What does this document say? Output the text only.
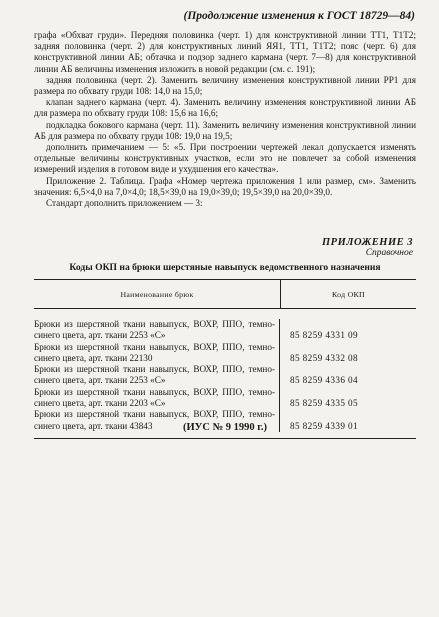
(Продолжение изменения к ГОСТ 18729—84)

графа «Обхват груди». Передняя половинка (черт. 1) для конструктивной линии ТТ1, Т1Т2; задняя половинка (черт. 2) для конструктивных линий ЯЯ1, ТТ1, Т1Т2; пояс (черт. 6) для конструктивной линии АБ; обтачка и подзор заднего кармана (черт. 7—8) для конструктивной линии АБ величины изменения изложить в новой редакции (см. с. 191);

задняя половинка (черт. 2). Заменить величину изменения конструктивной линии РР1 для размера по обхвату груди 108: 14,0 на 15,0;

клапан заднего кармана (черт. 4). Заменить величину изменения конструктивной линии АБ для размера по обхвату груди 108: 15,6 на 16,6;

подкладка бокового кармана (черт. 11). Заменить величину изменения конструктивной линии АБ для размера по обхвату груди 108: 19,0 на 19,5;

дополнить примечанием — 5: «5. При построении чертежей лекал допускается изменять отдельные величины конструктивных участков, если это не повлечет за собой изменения измерений изделия в готовом виде и ухудшения его качества».

Приложение 2. Таблица. Графа «Номер чертежа приложения 1 или размер, см». Заменить значения: 6,5×4,0 на 7,0×4,0; 18,5×39,0 на 19,0×39,0; 19,5×39,0 на 20,0×39,0.

Стандарт дополнить приложением — 3:

ПРИЛОЖЕНИЕ 3
Справочное
Коды ОКП на брюки шерстяные навыпуск ведомственного назначения
Наименование брюк	Код ОКП
Брюки из шерстяной ткани навыпуск, ВОХР, ППО, темно-синего цвета, арт. ткани 2253 «С»
Брюки из шерстяной ткани навыпуск, ВОХР, ППО, темно-синего цвета, арт. ткани 22130
Брюки из шерстяной ткани навыпуск, ВОХР, ППО, темно-синего цвета, арт. ткани 2253 «С»
Брюки из шерстяной ткани навыпуск, ВОХР, ППО, темно-синего цвета, арт. ткани 2203 «С»
Брюки из шерстяной ткани навыпуск, ВОХР, ППО, темно-синего цвета, арт. ткани 43843
85 8259 4331 09
85 8259 4332 08
85 8259 4336 04
85 8259 4335 05
85 8259 4339 01
(ИУС № 9 1990 г.)
